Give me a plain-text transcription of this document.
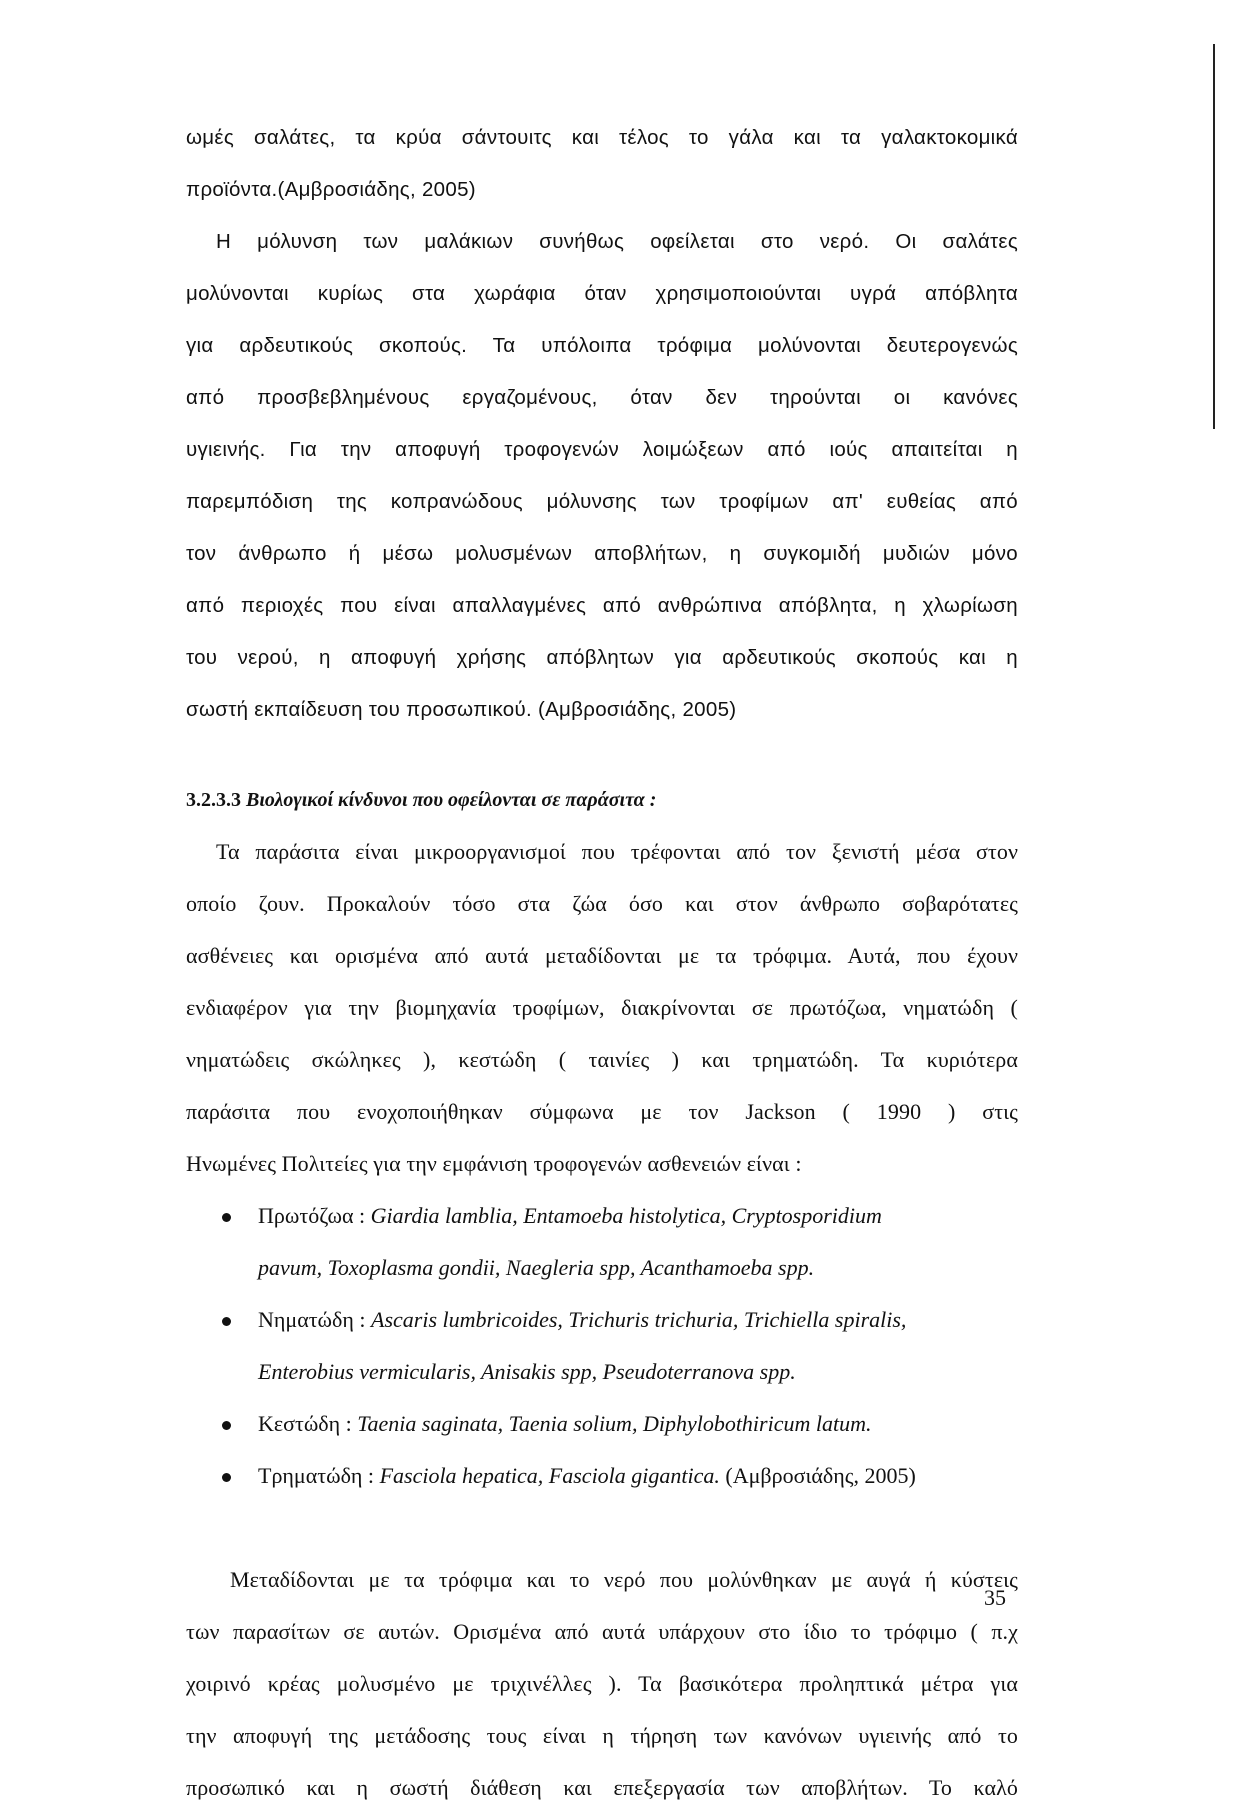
ωμές σαλάτες, τα κρύα σάντουιτς και τέλος το γάλα και τα γαλακτοκομικά
προϊόντα.(Αμβροσιάδης, 2005)
Η μόλυνση των μαλάκιων συνήθως οφείλεται στο νερό. Οι σαλάτες
μολύνονται κυρίως στα χωράφια όταν χρησιμοποιούνται υγρά απόβλητα
για αρδευτικούς σκοπούς. Τα υπόλοιπα τρόφιμα μολύνονται δευτερογενώς
από προσβεβλημένους εργαζομένους, όταν δεν τηρούνται οι κανόνες
υγιεινής. Για την αποφυγή τροφογενών λοιμώξεων από ιούς απαιτείται η
παρεμπόδιση της κοπρανώδους μόλυνσης των τροφίμων απ' ευθείας από
τον άνθρωπο ή μέσω μολυσμένων αποβλήτων, η συγκομιδή μυδιών μόνο
από περιοχές που είναι απαλλαγμένες από ανθρώπινα απόβλητα, η χλωρίωση
του νερού, η αποφυγή χρήσης απόβλητων για αρδευτικούς σκοπούς και η
σωστή εκπαίδευση του προσωπικού. (Αμβροσιάδης, 2005)
3.2.3.3 Βιολογικοί κίνδυνοι που οφείλονται σε παράσιτα :
Τα παράσιτα είναι μικροοργανισμοί που τρέφονται από τον ξενιστή μέσα στον
οποίο ζουν. Προκαλούν τόσο στα ζώα όσο και στον άνθρωπο σοβαρότατες
ασθένειες και ορισμένα από αυτά μεταδίδονται με τα τρόφιμα. Αυτά, που έχουν
ενδιαφέρον για την βιομηχανία τροφίμων, διακρίνονται σε πρωτόζωα, νηματώδη (
νηματώδεις σκώληκες ), κεστώδη ( ταινίες ) και τρηματώδη. Τα κυριότερα
παράσιτα που ενοχοποιήθηκαν σύμφωνα με τον Jackson ( 1990 ) στις
Ηνωμένες Πολιτείες για την εμφάνιση τροφογενών ασθενειών είναι :
Πρωτόζωα : Giardia lamblia, Entamoeba histolytica, Cryptosporidium
pavum, Toxoplasma gondii, Naegleria spp, Acanthamoeba spp.
Νηματώδη : Ascaris lumbricoides, Trichuris trichuria, Trichiella spiralis,
Enterobius vermicularis, Anisakis spp, Pseudoterranova spp.
Κεστώδη : Taenia saginata, Taenia solium, Diphylobothiricum latum.
Τρηματώδη : Fasciola hepatica, Fasciola gigantica. (Αμβροσιάδης, 2005)
Μεταδίδονται με τα τρόφιμα και το νερό που μολύνθηκαν με αυγά ή κύστεις
των παρασίτων σε αυτών. Ορισμένα από αυτά υπάρχουν στο ίδιο το τρόφιμο ( π.χ
χοιρινό κρέας μολυσμένο με τριχινέλλες ). Τα βασικότερα προληπτικά μέτρα για
την αποφυγή της μετάδοσης τους είναι η τήρηση των κανόνων υγιεινής από το
προσωπικό και η σωστή διάθεση και επεξεργασία των αποβλήτων. Το καλό
35
